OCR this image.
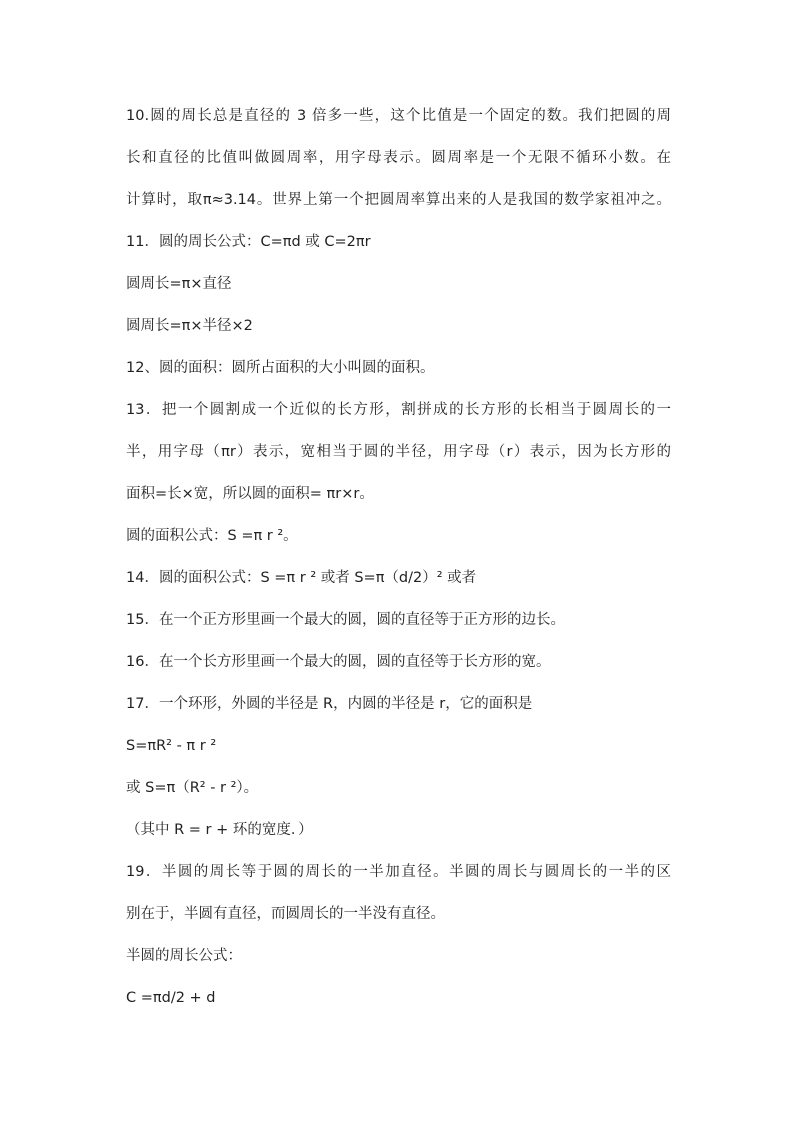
10.圆的周长总是直径的 3 倍多一些，这个比值是一个固定的数。我们把圆的周
长和直径的比值叫做圆周率，用字母表示。圆周率是一个无限不循环小数。在
计算时，取π≈3.14。世界上第一个把圆周率算出来的人是我国的数学家祖冲之。
11．圆的周长公式：C=πd 或 C=2πr
圆周长=π×直径
圆周长=π×半径×2
12、圆的面积：圆所占面积的大小叫圆的面积。
13．把一个圆割成一个近似的长方形，割拼成的长方形的长相当于圆周长的一
半，用字母（πr）表示，宽相当于圆的半径，用字母（r）表示，因为长方形的
面积=长×宽，所以圆的面积= πr×r。
圆的面积公式：S =π r ²。
14．圆的面积公式：S =π r ² 或者 S=π（d/2）² 或者
15．在一个正方形里画一个最大的圆，圆的直径等于正方形的边长。
16．在一个长方形里画一个最大的圆，圆的直径等于长方形的宽。
17．一个环形，外圆的半径是 R，内圆的半径是 r，它的面积是
S=πR² - π r ²
或 S=π（R² - r ²）。
（其中 R = r + 环的宽度．）
19．半圆的周长等于圆的周长的一半加直径。半圆的周长与圆周长的一半的区
别在于，半圆有直径，而圆周长的一半没有直径。
半圆的周长公式：
C =πd/2 + d
